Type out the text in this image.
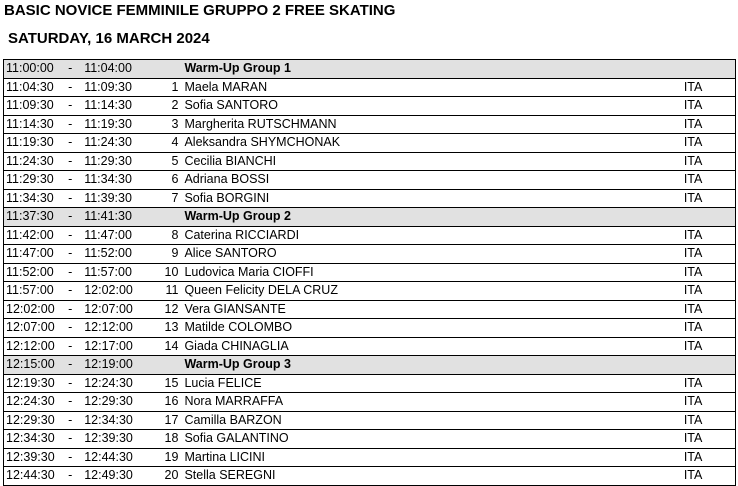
BASIC NOVICE FEMMINILE GRUPPO 2 FREE SKATING
SATURDAY, 16 MARCH 2024
11:00:00	-	11:04:00		Warm-Up Group 1	
11:04:30	-	11:09:30	1	Maela MARAN	ITA
11:09:30	-	11:14:30	2	Sofia SANTORO	ITA
11:14:30	-	11:19:30	3	Margherita RUTSCHMANN	ITA
11:19:30	-	11:24:30	4	Aleksandra SHYMCHONAK	ITA
11:24:30	-	11:29:30	5	Cecilia BIANCHI	ITA
11:29:30	-	11:34:30	6	Adriana BOSSI	ITA
11:34:30	-	11:39:30	7	Sofia BORGINI	ITA
11:37:30	-	11:41:30		Warm-Up Group 2	
11:42:00	-	11:47:00	8	Caterina RICCIARDI	ITA
11:47:00	-	11:52:00	9	Alice SANTORO	ITA
11:52:00	-	11:57:00	10	Ludovica Maria CIOFFI	ITA
11:57:00	-	12:02:00	11	Queen Felicity DELA CRUZ	ITA
12:02:00	-	12:07:00	12	Vera GIANSANTE	ITA
12:07:00	-	12:12:00	13	Matilde COLOMBO	ITA
12:12:00	-	12:17:00	14	Giada CHINAGLIA	ITA
12:15:00	-	12:19:00		Warm-Up Group 3	
12:19:30	-	12:24:30	15	Lucia FELICE	ITA
12:24:30	-	12:29:30	16	Nora MARRAFFA	ITA
12:29:30	-	12:34:30	17	Camilla BARZON	ITA
12:34:30	-	12:39:30	18	Sofia GALANTINO	ITA
12:39:30	-	12:44:30	19	Martina LICINI	ITA
12:44:30	-	12:49:30	20	Stella SEREGNI	ITA
